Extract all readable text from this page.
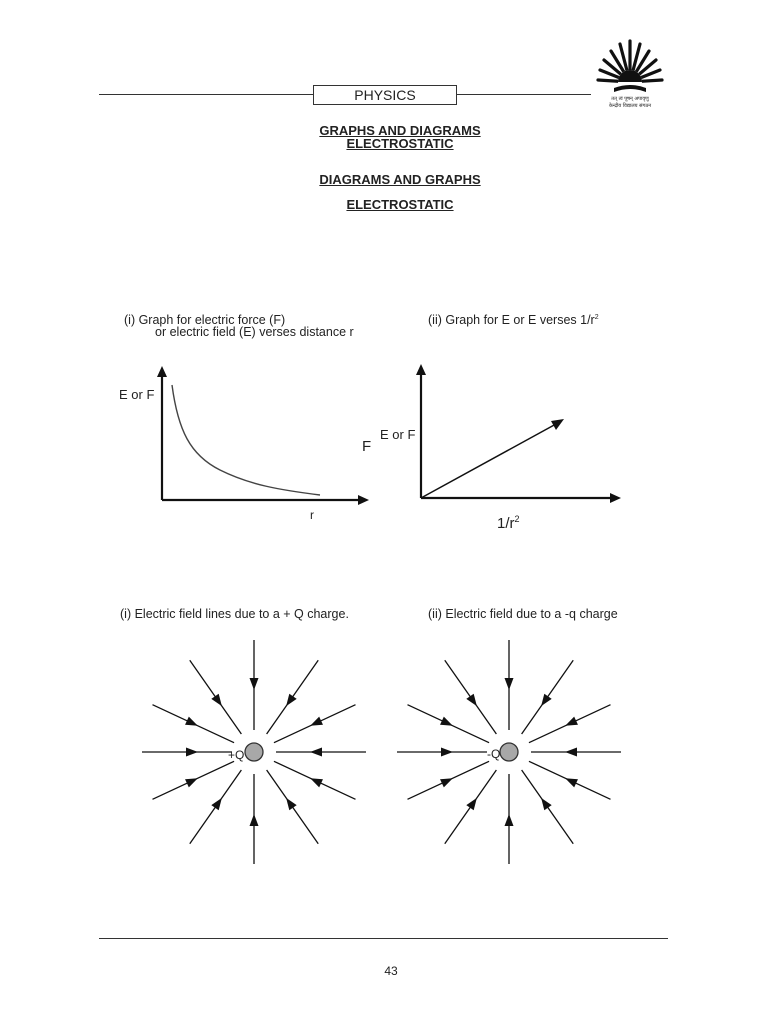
PHYSICS	तत् त्वं पूषन् अपावृणु
केन्द्रीय विद्यालय संगठन
GRAPHS AND DIAGRAMS
ELECTROSTATIC
DIAGRAMS AND GRAPHS
ELECTROSTATIC
(i) Graph for electric force (F)
or electric field (E) verses distance r
(ii) Graph for E or E verses $1/r^2$
E or F
F
r
E or F
$1/r^2$
(i) Electric field lines due to a + Q charge.	(ii) Electric field due to a -q charge
+Q	-Q
43
